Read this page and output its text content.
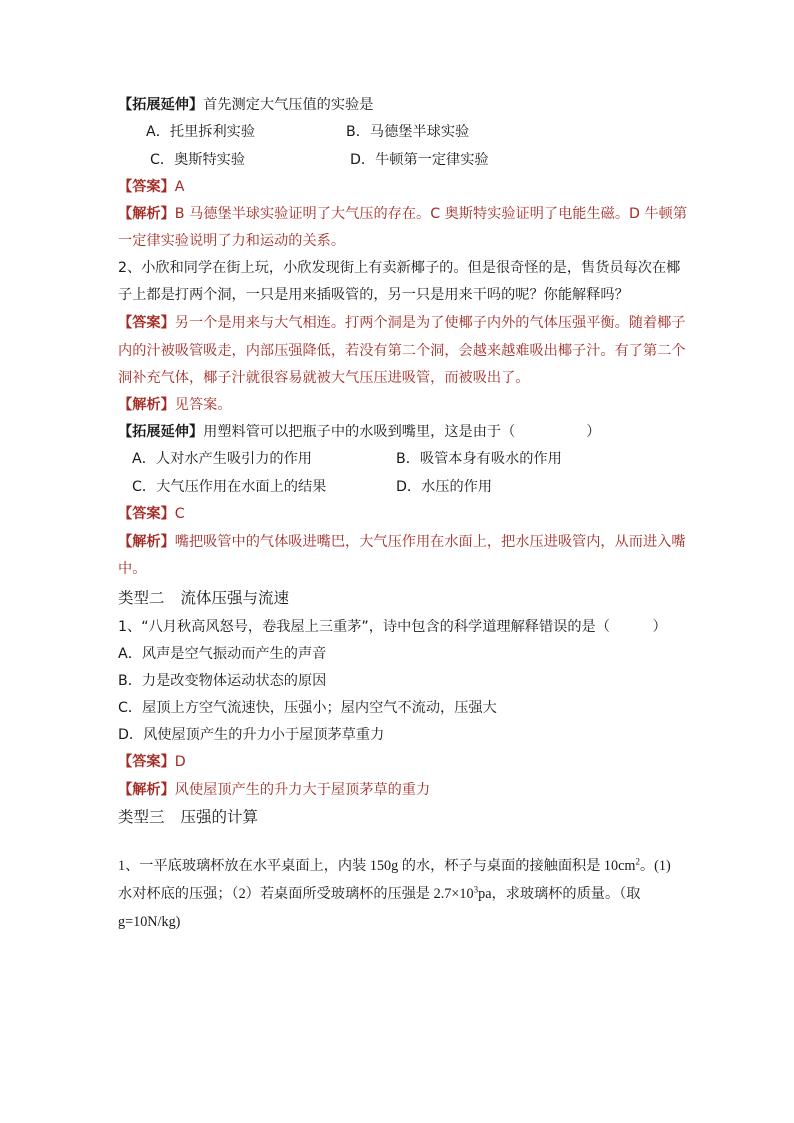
【拓展延伸】首先测定大气压值的实验是
A．托里拆利实验	B．马德堡半球实验
C．奥斯特实验	D．牛顿第一定律实验
【答案】A
【解析】B 马德堡半球实验证明了大气压的存在。C 奥斯特实验证明了电能生磁。D 牛顿第
一定律实验说明了力和运动的关系。
2、小欣和同学在街上玩，小欣发现街上有卖新椰子的。但是很奇怪的是，售货员每次在椰
子上都是打两个洞，一只是用来插吸管的，另一只是用来干吗的呢？你能解释吗？
【答案】另一个是用来与大气相连。打两个洞是为了使椰子内外的气体压强平衡。随着椰子
内的汁被吸管吸走，内部压强降低，若没有第二个洞，会越来越难吸出椰子汁。有了第二个
洞补充气体，椰子汁就很容易就被大气压压进吸管，而被吸出了。
【解析】见答案。
【拓展延伸】用塑料管可以把瓶子中的水吸到嘴里，这是由于（　　　　　）
A．人对水产生吸引力的作用	B．吸管本身有吸水的作用
C．大气压作用在水面上的结果	D．水压的作用
【答案】C
【解析】嘴把吸管中的气体吸进嘴巴，大气压作用在水面上，把水压进吸管内，从而进入嘴
中。
类型二 流体压强与流速
1、“八月秋高风怒号，卷我屋上三重茅”，诗中包含的科学道理解释错误的是（　　　）
A．风声是空气振动而产生的声音
B．力是改变物体运动状态的原因
C．屋顶上方空气流速快，压强小；屋内空气不流动，压强大
D．风使屋顶产生的升力小于屋顶茅草重力
【答案】D
【解析】风使屋顶产生的升力大于屋顶茅草的重力
类型三 压强的计算
1、一平底玻璃杯放在水平桌面上，内装 150g 的水，杯子与桌面的接触面积是 $10cm^2$。(1)
水对杯底的压强；（2）若桌面所受玻璃杯的压强是 $2.7\times 10^3pa$，求玻璃杯的质量。（取
g=10N/kg)
